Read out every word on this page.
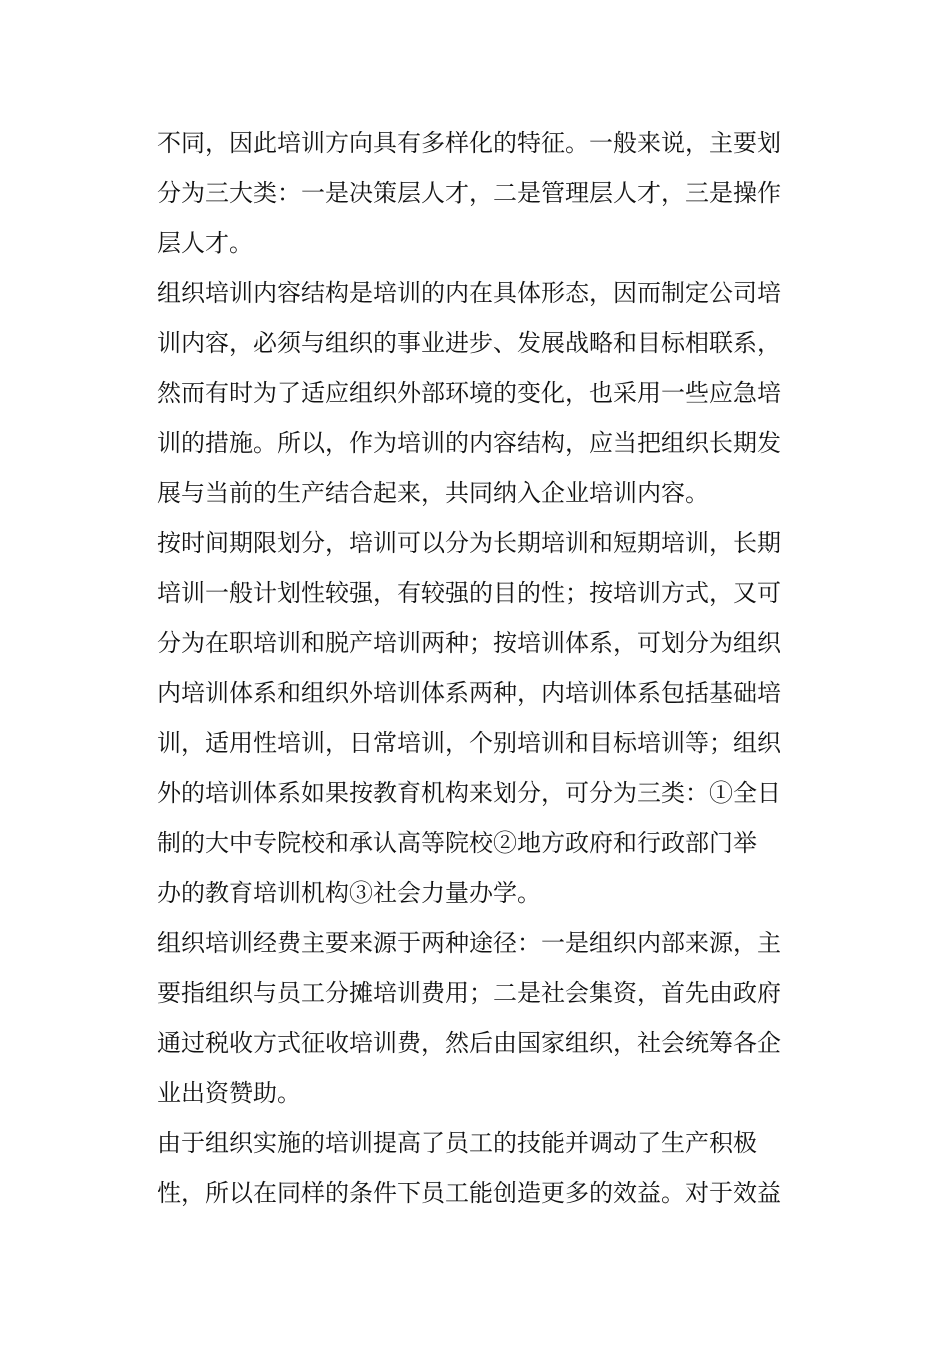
不同，因此培训方向具有多样化的特征。一般来说，主要划
分为三大类：一是决策层人才，二是管理层人才，三是操作
层人才。
组织培训内容结构是培训的内在具体形态，因而制定公司培
训内容，必须与组织的事业进步、发展战略和目标相联系，
然而有时为了适应组织外部环境的变化，也采用一些应急培
训的措施。所以，作为培训的内容结构，应当把组织长期发
展与当前的生产结合起来，共同纳入企业培训内容。
按时间期限划分，培训可以分为长期培训和短期培训，长期
培训一般计划性较强，有较强的目的性；按培训方式，又可
分为在职培训和脱产培训两种；按培训体系，可划分为组织
内培训体系和组织外培训体系两种，内培训体系包括基础培
训，适用性培训，日常培训，个别培训和目标培训等；组织
外的培训体系如果按教育机构来划分，可分为三类：①全日
制的大中专院校和承认高等院校②地方政府和行政部门举
办的教育培训机构③社会力量办学。
组织培训经费主要来源于两种途径：一是组织内部来源，主
要指组织与员工分摊培训费用；二是社会集资，首先由政府
通过税收方式征收培训费，然后由国家组织，社会统筹各企
业出资赞助。
由于组织实施的培训提高了员工的技能并调动了生产积极
性，所以在同样的条件下员工能创造更多的效益。对于效益
